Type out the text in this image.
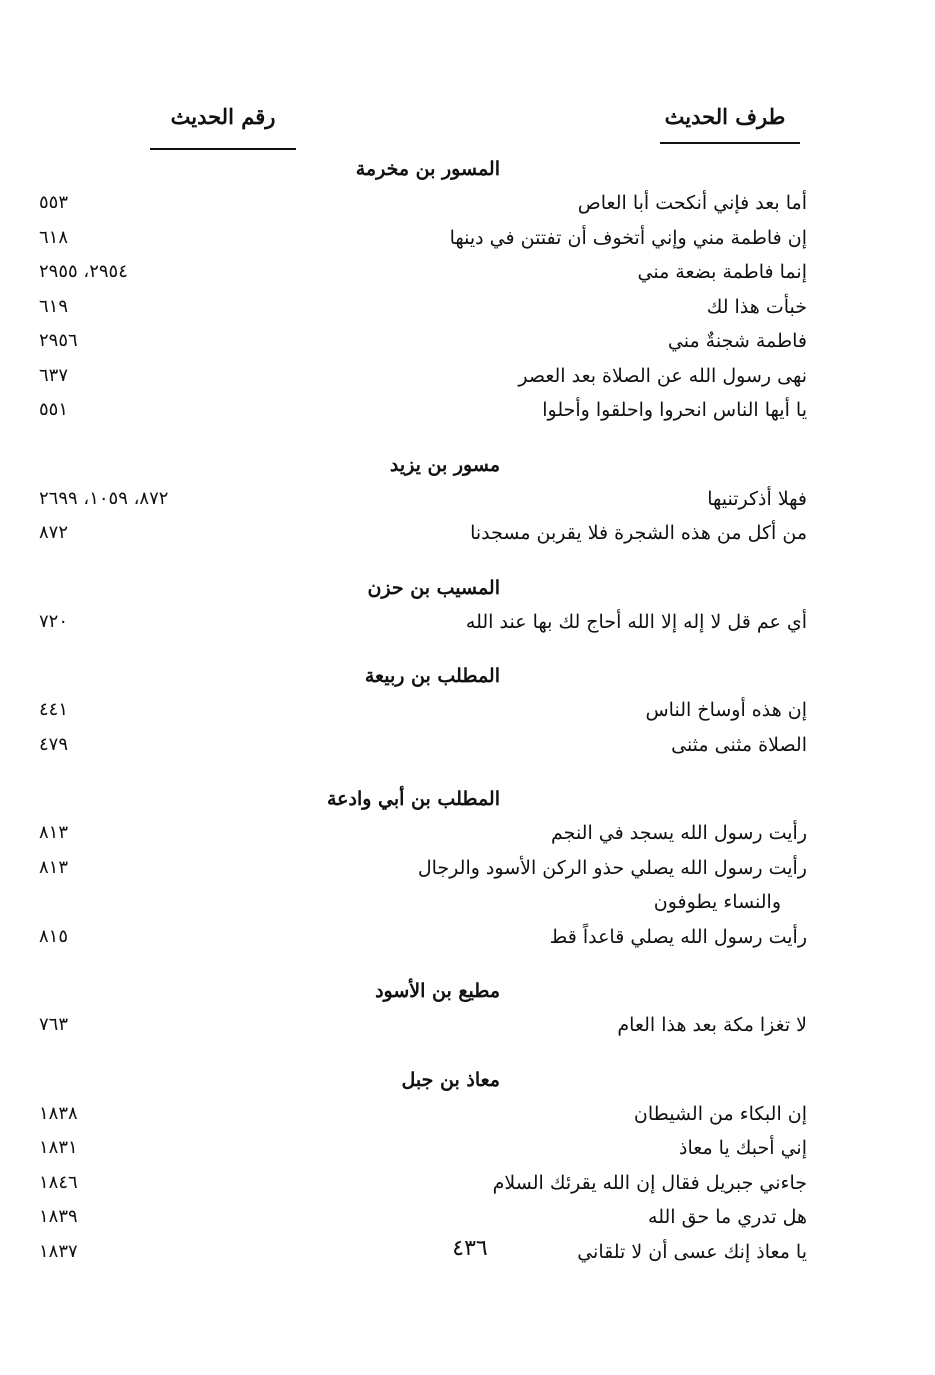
طرف الحديث
رقم الحديث
المسور بن مخرمة
أما بعد فإني أنكحت أبا العاص
٥٥٣
إن فاطمة مني وإني أتخوف أن تفتتن في دينها
٦١٨
إنما فاطمة بضعة مني
٢٩٥٤، ٢٩٥٥
خبأت هذا لك
٦١٩
فاطمة شجنةٌ مني
٢٩٥٦
نهى رسول الله عن الصلاة بعد العصر
٦٣٧
يا أيها الناس انحروا واحلقوا وأحلوا
٥٥١
مسور بن يزيد
فهلا أذكرتنيها
٨٧٢، ١٠٥٩، ٢٦٩٩
من أكل من هذه الشجرة فلا يقربن مسجدنا
٨٧٢
المسيب بن حزن
أي عم قل لا إله إلا الله أحاج لك بها عند الله
٧٢٠
المطلب بن ربيعة
إن هذه أوساخ الناس
٤٤١
الصلاة مثنى مثنى
٤٧٩
المطلب بن أبي وادعة
رأيت رسول الله يسجد في النجم
٨١٣
رأيت رسول الله يصلي حذو الركن الأسود والرجال
والنساء يطوفون
٨١٣
رأيت رسول الله يصلي قاعداً قط
٨١٥
مطيع بن الأسود
لا تغزا مكة بعد هذا العام
٧٦٣
معاذ بن جبل
إن البكاء من الشيطان
١٨٣٨
إني أحبك يا معاذ
١٨٣١
جاءني جبريل فقال إن الله يقرئك السلام
١٨٤٦
هل تدري ما حق الله
١٨٣٩
يا معاذ إنك عسى أن لا تلقاني
١٨٣٧	٤٣٦
